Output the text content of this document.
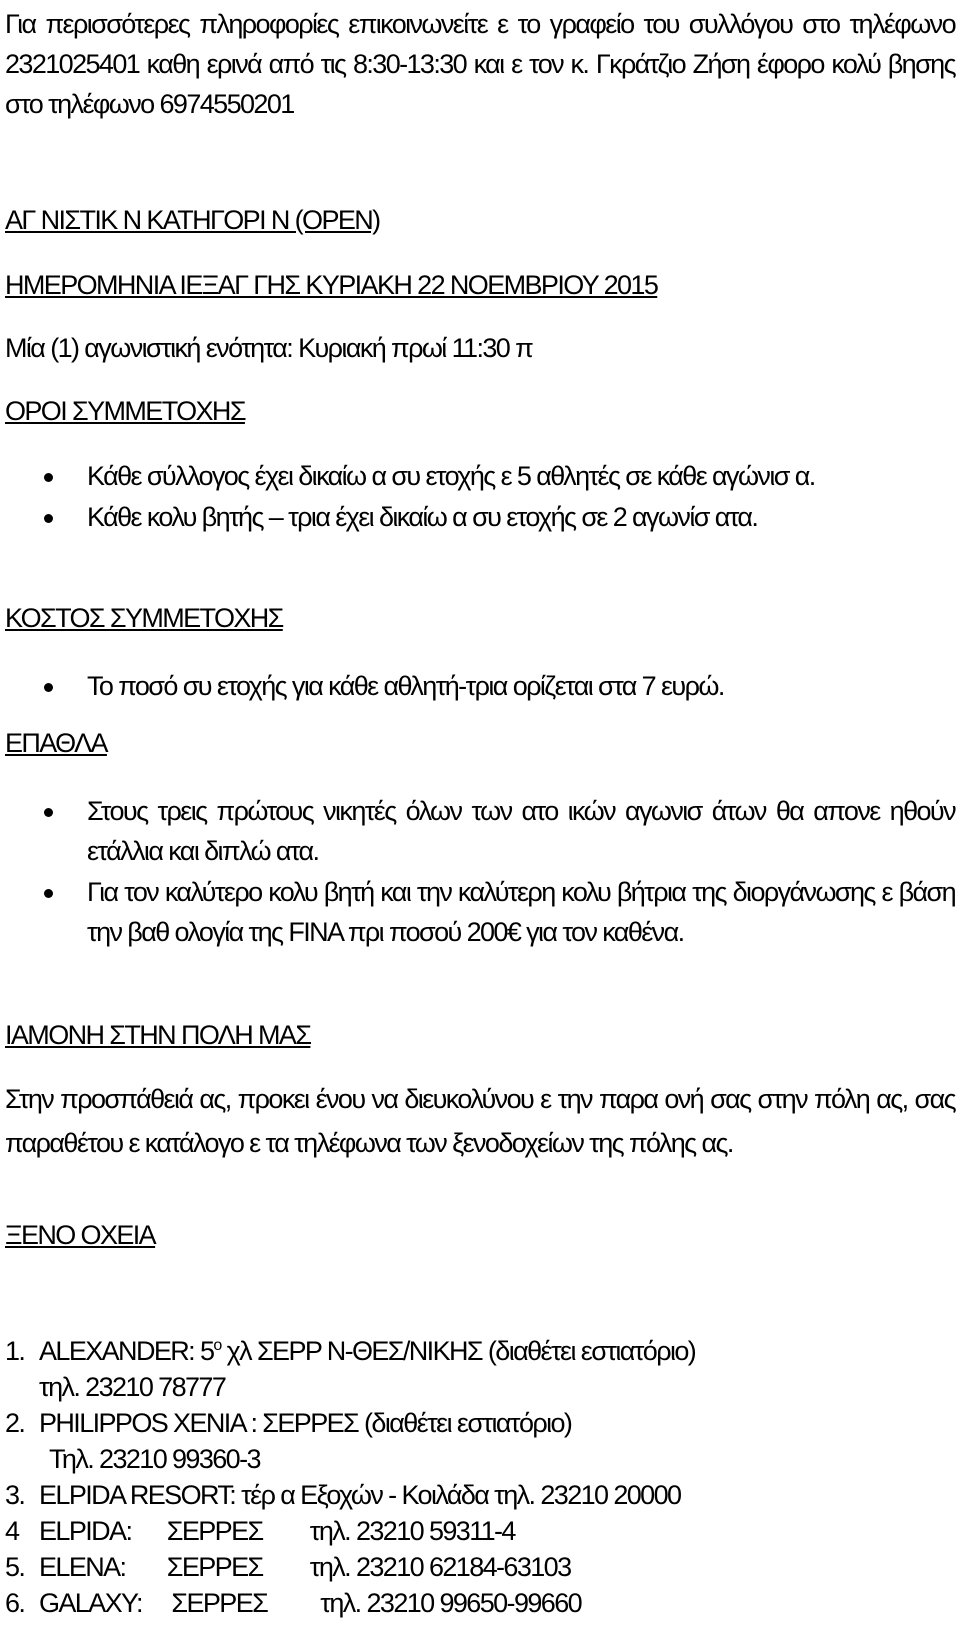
Για περισσότερες πληροφορίες επικοινωνείτε ε το γραφείο του συλλόγου στο τηλέφωνο 2321025401 καθη ερινά από τις 8:30-13:30 και ε τον κ. Γκράτζιο Ζήση έφορο κολύ βησης στο τηλέφωνο 6974550201
ΑΓ ΝΙΣΤΙΚ Ν ΚΑΤΗΓΟΡΙ Ν (OPEN)
ΗΜΕΡΟΜΗΝΙΑ ΙΕΞΑΓ ΓΗΣ ΚΥΡΙΑΚΗ 22 ΝΟΕΜΒΡΙΟΥ 2015
Μία (1) αγωνιστική ενότητα: Κυριακή πρωί 11:30 π
ΟΡΟΙ ΣΥΜΜΕΤΟΧΗΣ
Κάθε σύλλογος έχει δικαίω α συ ετοχής ε 5 αθλητές σε κάθε αγώνισ α.
Κάθε κολυ βητής – τρια έχει δικαίω α συ ετοχής σε 2 αγωνίσ ατα.
ΚΟΣΤΟΣ ΣΥΜΜΕΤΟΧΗΣ
Το ποσό συ ετοχής για κάθε αθλητή-τρια ορίζεται στα 7 ευρώ.
ΕΠΑΘΛΑ
Στους τρεις πρώτους νικητές όλων των ατο ικών αγωνισ άτων θα απονε ηθούν ετάλλια και διπλώ ατα.
Για τον καλύτερο κολυ βητή και την καλύτερη κολυ βήτρια της διοργάνωσης ε βάση την βαθ ολογία της FINA πρι ποσού 200€ για τον καθένα.
ΙΑΜΟΝΗ ΣΤΗΝ ΠΟΛΗ ΜΑΣ
Στην προσπάθειά ας, προκει ένου να διευκολύνου ε την παρα ονή σας στην πόλη ας, σας παραθέτου ε κατάλογο ε τα τηλέφωνα των ξενοδοχείων της πόλης ας.
ΞΕΝΟ ΟΧΕΙΑ
1. ALEXANDER: $5^o$ χλ ΣΕΡΡ Ν-ΘΕΣ/ΝΙΚΗΣ (διαθέτει εστιατόριο)
τηλ. 23210 78777
2. PHILIPPOS XENIA : ΣΕΡΡΕΣ (διαθέτει εστιατόριο)
Τηλ. 23210 99360-3
3. ELPIDA RESORT: τέρ α Εξοχών - Κοιλάδα τηλ. 23210 20000
4 ELPIDA:      ΣΕΡΡΕΣ        τηλ. 23210 59311-4
5. ELENA:       ΣΕΡΡΕΣ        τηλ. 23210 62184-63103
6. GALAXY:     ΣΕΡΡΕΣ         τηλ. 23210 99650-99660
